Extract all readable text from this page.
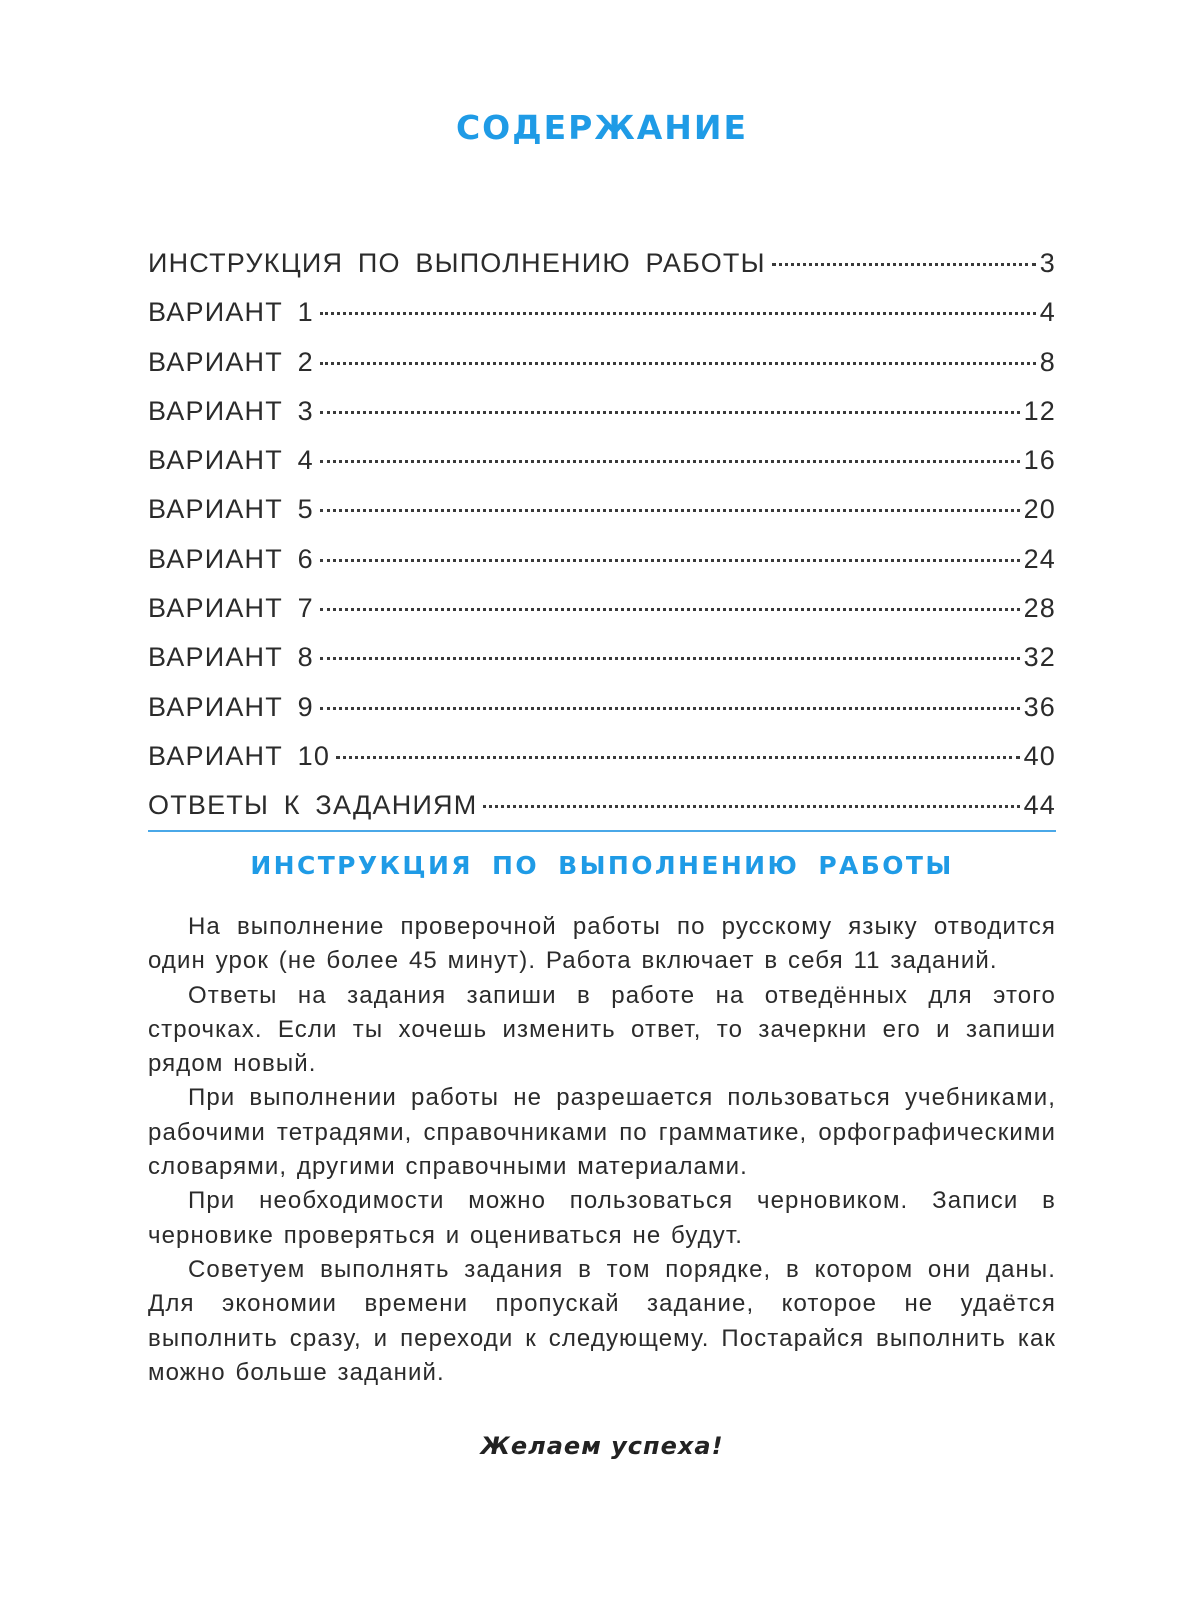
СОДЕРЖАНИЕ
ИНСТРУКЦИЯ ПО ВЫПОЛНЕНИЮ РАБОТЫ	3
ВАРИАНТ 1	4
ВАРИАНТ 2	8
ВАРИАНТ 3	12
ВАРИАНТ 4	16
ВАРИАНТ 5	20
ВАРИАНТ 6	24
ВАРИАНТ 7	28
ВАРИАНТ 8	32
ВАРИАНТ 9	36
ВАРИАНТ 10	40
ОТВЕТЫ К ЗАДАНИЯМ	44
ИНСТРУКЦИЯ ПО ВЫПОЛНЕНИЮ РАБОТЫ

На выполнение проверочной работы по русскому языку отводится один урок (не более 45 минут). Работа включает в себя 11 заданий.

Ответы на задания запиши в работе на отведённых для этого строчках. Если ты хочешь изменить ответ, то зачеркни его и запиши рядом новый.

При выполнении работы не разрешается пользоваться учебниками, рабочими тетрадями, справочниками по грамматике, орфографическими словарями, другими справочными материалами.

При необходимости можно пользоваться черновиком. Записи в черновике проверяться и оцениваться не будут.

Советуем выполнять задания в том порядке, в котором они даны. Для экономии времени пропускай задание, которое не удаётся выполнить сразу, и переходи к следующему. Постарайся выполнить как можно больше заданий.

Желаем успеха!
